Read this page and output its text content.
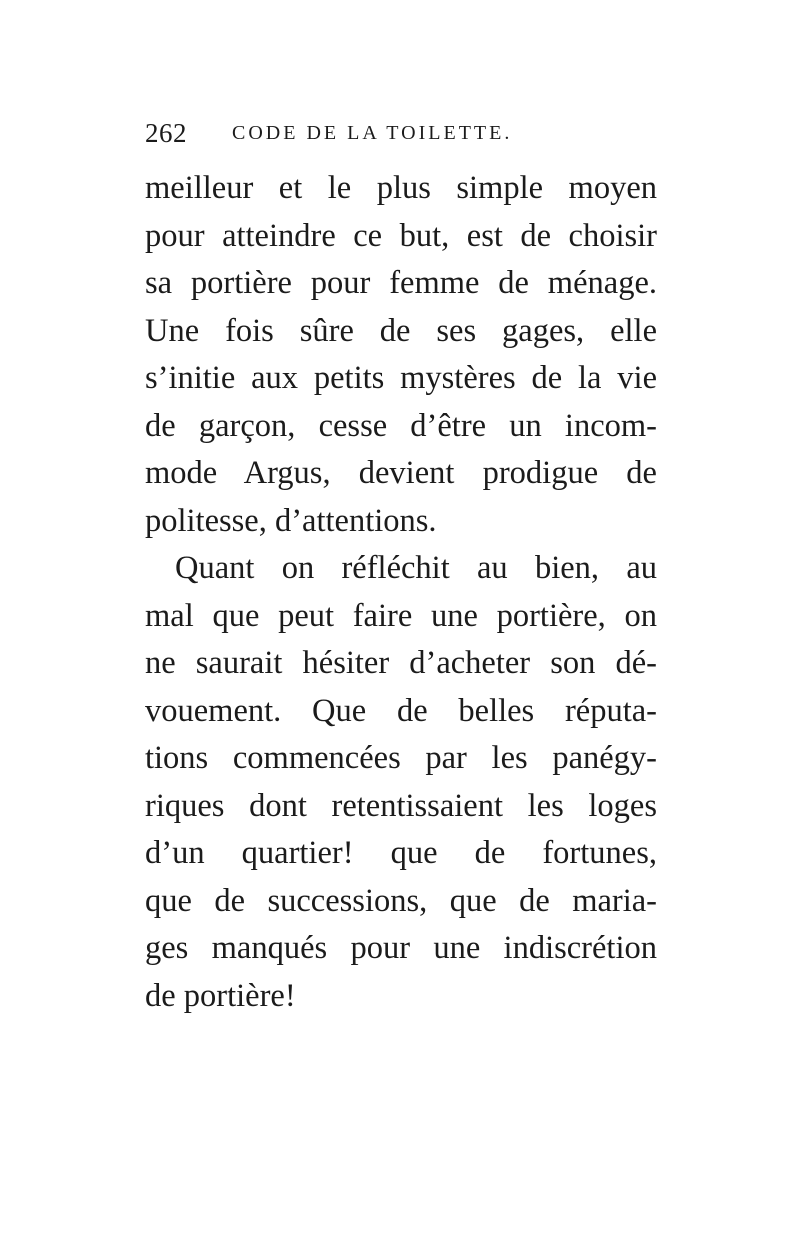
262 CODE DE LA TOILETTE.
meilleur et le plus simple moyen
pour atteindre ce but, est de choisir
sa portière pour femme de ménage.
Une fois sûre de ses gages, elle
s’initie aux petits mystères de la vie
de garçon, cesse d’être un incom-
mode Argus, devient prodigue de
politesse, d’attentions.
Quant on réfléchit au bien, au
mal que peut faire une portière, on
ne saurait hésiter d’acheter son dé-
vouement. Que de belles réputa-
tions commencées par les panégy-
riques dont retentissaient les loges
d’un quartier! que de fortunes,
que de successions, que de maria-
ges manqués pour une indiscrétion
de portière!
